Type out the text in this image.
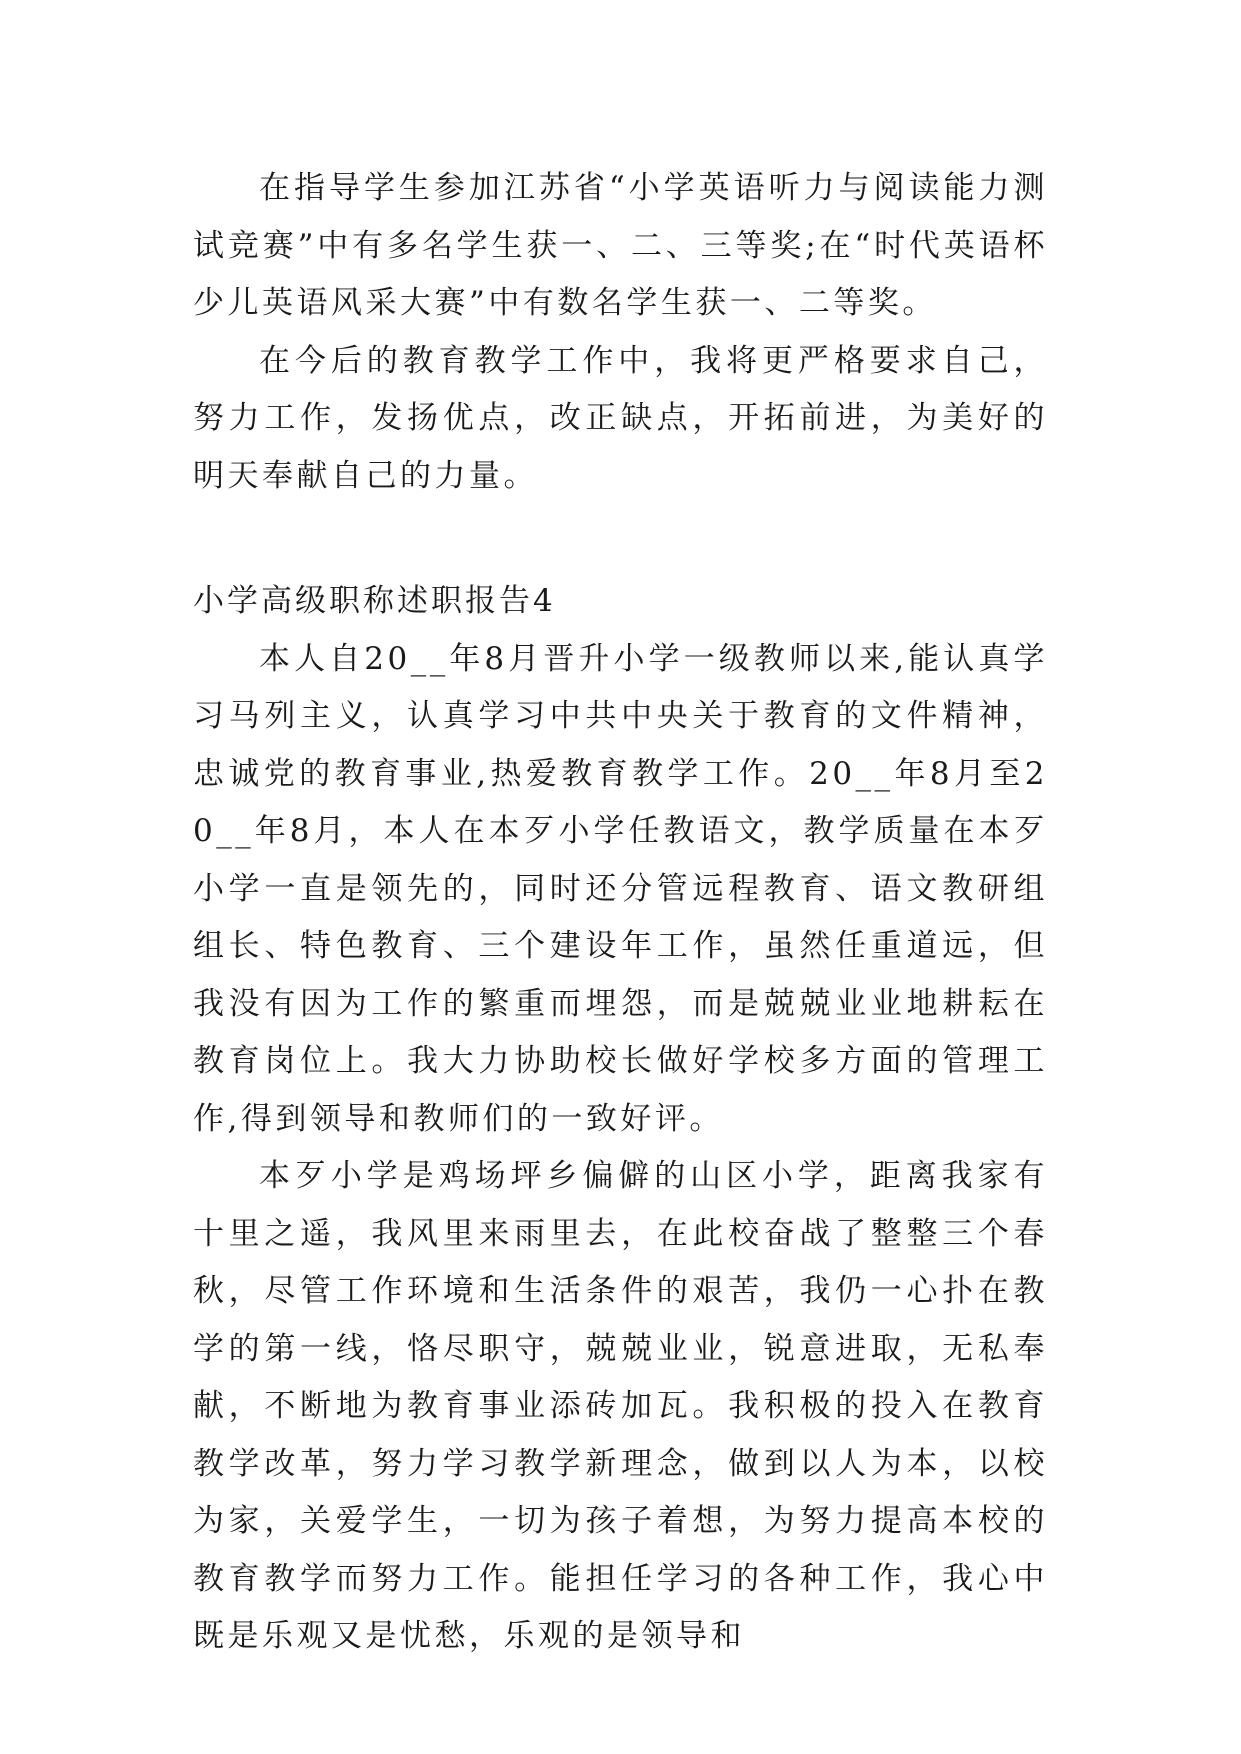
在指导学生参加江苏省“小学英语听力与阅读能力测试竞赛”中有多名学生获一、二、三等奖;在“时代英语杯少儿英语风采大赛”中有数名学生获一、二等奖。

在今后的教育教学工作中，我将更严格要求自己，努力工作，发扬优点，改正缺点，开拓前进，为美好的明天奉献自己的力量。

小学高级职称述职报告4

本人自20__年8月晋升小学一级教师以来,能认真学习马列主义，认真学习中共中央关于教育的文件精神，忠诚党的教育事业,热爱教育教学工作。20__年8月至20__年8月，本人在本歹小学任教语文，教学质量在本歹小学一直是领先的，同时还分管远程教育、语文教研组组长、特色教育、三个建设年工作，虽然任重道远，但我没有因为工作的繁重而埋怨，而是兢兢业业地耕耘在教育岗位上。我大力协助校长做好学校多方面的管理工作,得到领导和教师们的一致好评。

本歹小学是鸡场坪乡偏僻的山区小学，距离我家有十里之遥，我风里来雨里去，在此校奋战了整整三个春秋，尽管工作环境和生活条件的艰苦，我仍一心扑在教学的第一线，恪尽职守，兢兢业业，锐意进取，无私奉献，不断地为教育事业添砖加瓦。我积极的投入在教育教学改革，努力学习教学新理念，做到以人为本，以校为家，关爱学生，一切为孩子着想，为努力提高本校的教育教学而努力工作。能担任学习的各种工作，我心中既是乐观又是忧愁，乐观的是领导和
